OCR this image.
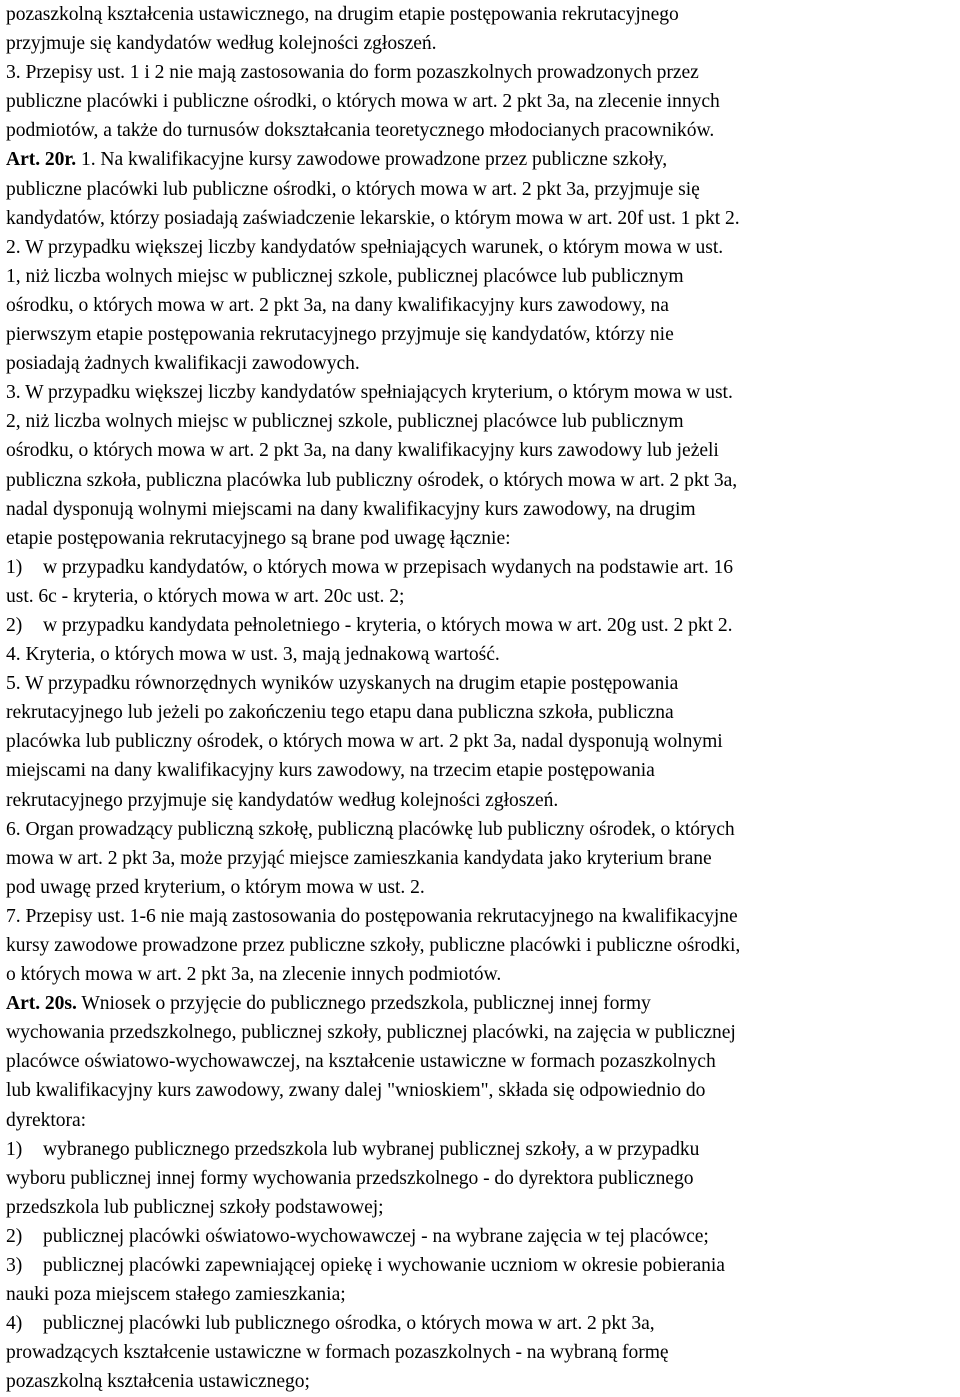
pozaszkolną kształcenia ustawicznego, na drugim etapie postępowania rekrutacyjnego
przyjmuje się kandydatów według kolejności zgłoszeń.
3. Przepisy ust. 1 i 2 nie mają zastosowania do form pozaszkolnych prowadzonych przez
publiczne placówki i publiczne ośrodki, o których mowa w art. 2 pkt 3a, na zlecenie innych
podmiotów, a także do turnusów dokształcania teoretycznego młodocianych pracowników.
Art. 20r. 1. Na kwalifikacyjne kursy zawodowe prowadzone przez publiczne szkoły,
publiczne placówki lub publiczne ośrodki, o których mowa w art. 2 pkt 3a, przyjmuje się
kandydatów, którzy posiadają zaświadczenie lekarskie, o którym mowa w art. 20f ust. 1 pkt 2.
2. W przypadku większej liczby kandydatów spełniających warunek, o którym mowa w ust.
1, niż liczba wolnych miejsc w publicznej szkole, publicznej placówce lub publicznym
ośrodku, o których mowa w art. 2 pkt 3a, na dany kwalifikacyjny kurs zawodowy, na
pierwszym etapie postępowania rekrutacyjnego przyjmuje się kandydatów, którzy nie
posiadają żadnych kwalifikacji zawodowych.
3. W przypadku większej liczby kandydatów spełniających kryterium, o którym mowa w ust.
2, niż liczba wolnych miejsc w publicznej szkole, publicznej placówce lub publicznym
ośrodku, o których mowa w art. 2 pkt 3a, na dany kwalifikacyjny kurs zawodowy lub jeżeli
publiczna szkoła, publiczna placówka lub publiczny ośrodek, o których mowa w art. 2 pkt 3a,
nadal dysponują wolnymi miejscami na dany kwalifikacyjny kurs zawodowy, na drugim
etapie postępowania rekrutacyjnego są brane pod uwagę łącznie:
1) w przypadku kandydatów, o których mowa w przepisach wydanych na podstawie art. 16
ust. 6c - kryteria, o których mowa w art. 20c ust. 2;
2) w przypadku kandydata pełnoletniego - kryteria, o których mowa w art. 20g ust. 2 pkt 2.
4. Kryteria, o których mowa w ust. 3, mają jednakową wartość.
5. W przypadku równorzędnych wyników uzyskanych na drugim etapie postępowania
rekrutacyjnego lub jeżeli po zakończeniu tego etapu dana publiczna szkoła, publiczna
placówka lub publiczny ośrodek, o których mowa w art. 2 pkt 3a, nadal dysponują wolnymi
miejscami na dany kwalifikacyjny kurs zawodowy, na trzecim etapie postępowania
rekrutacyjnego przyjmuje się kandydatów według kolejności zgłoszeń.
6. Organ prowadzący publiczną szkołę, publiczną placówkę lub publiczny ośrodek, o których
mowa w art. 2 pkt 3a, może przyjąć miejsce zamieszkania kandydata jako kryterium brane
pod uwagę przed kryterium, o którym mowa w ust. 2.
7. Przepisy ust. 1-6 nie mają zastosowania do postępowania rekrutacyjnego na kwalifikacyjne
kursy zawodowe prowadzone przez publiczne szkoły, publiczne placówki i publiczne ośrodki,
o których mowa w art. 2 pkt 3a, na zlecenie innych podmiotów.
Art. 20s. Wniosek o przyjęcie do publicznego przedszkola, publicznej innej formy
wychowania przedszkolnego, publicznej szkoły, publicznej placówki, na zajęcia w publicznej
placówce oświatowo-wychowawczej, na kształcenie ustawiczne w formach pozaszkolnych
lub kwalifikacyjny kurs zawodowy, zwany dalej "wnioskiem", składa się odpowiednio do
dyrektora:
1) wybranego publicznego przedszkola lub wybranej publicznej szkoły, a w przypadku
wyboru publicznej innej formy wychowania przedszkolnego - do dyrektora publicznego
przedszkola lub publicznej szkoły podstawowej;
2) publicznej placówki oświatowo-wychowawczej - na wybrane zajęcia w tej placówce;
3) publicznej placówki zapewniającej opiekę i wychowanie uczniom w okresie pobierania
nauki poza miejscem stałego zamieszkania;
4) publicznej placówki lub publicznego ośrodka, o których mowa w art. 2 pkt 3a,
prowadzących kształcenie ustawiczne w formach pozaszkolnych - na wybraną formę
pozaszkolną kształcenia ustawicznego;
